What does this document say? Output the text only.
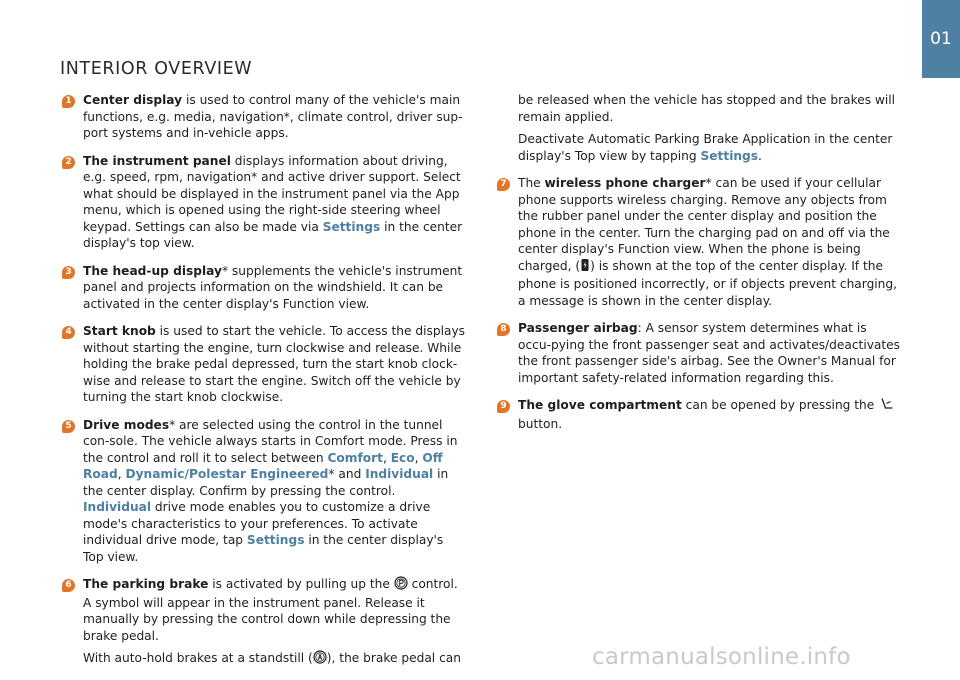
01
INTERIOR OVERVIEW
1 Center display is used to control many of the vehicle's main functions, e.g. media, navigation*, climate control, driver sup-port systems and in-vehicle apps.

2 The instrument panel displays information about driving, e.g. speed, rpm, navigation* and active driver support. Select what should be displayed in the instrument panel via the App menu, which is opened using the right-side steering wheel keypad. Settings can also be made via Settings in the center display's top view.

3 The head-up display* supplements the vehicle's instrument panel and projects information on the windshield. It can be activated in the center display's Function view.

4 Start knob is used to start the vehicle. To access the displays without starting the engine, turn clockwise and release. While holding the brake pedal depressed, turn the start knob clock-wise and release to start the engine. Switch off the vehicle by turning the start knob clockwise.

5 Drive modes* are selected using the control in the tunnel con-sole. The vehicle always starts in Comfort mode. Press in the control and roll it to select between Comfort, Eco, Off Road, Dynamic/Polestar Engineered* and Individual in the center display. Confirm by pressing the control. Individual drive mode enables you to customize a drive mode's characteristics to your preferences. To activate individual drive mode, tap Settings in the center display's Top view.

6 The parking brake is activated by pulling up the  control. A symbol will appear in the instrument panel. Release it manually by pressing the control down while depressing the brake pedal.

With auto-hold brakes at a standstill ( ), the brake pedal can

be released when the vehicle has stopped and the brakes will remain applied.

Deactivate Automatic Parking Brake Application in the center display's Top view by tapping Settings.

7 The wireless phone charger* can be used if your cellular phone supports wireless charging. Remove any objects from the rubber panel under the center display and position the phone in the center. Turn the charging pad on and off via the center display's Function view. When the phone is being charged, ( ) is shown at the top of the center display. If the phone is positioned incorrectly, or if objects prevent charging, a message is shown in the center display.

8 Passenger airbag: A sensor system determines what is occu-pying the front passenger seat and activates/deactivates the front passenger side's airbag. See the Owner's Manual for important safety-related information regarding this.

9 The glove compartment can be opened by pressing the  button.

carmanualsonline.info
